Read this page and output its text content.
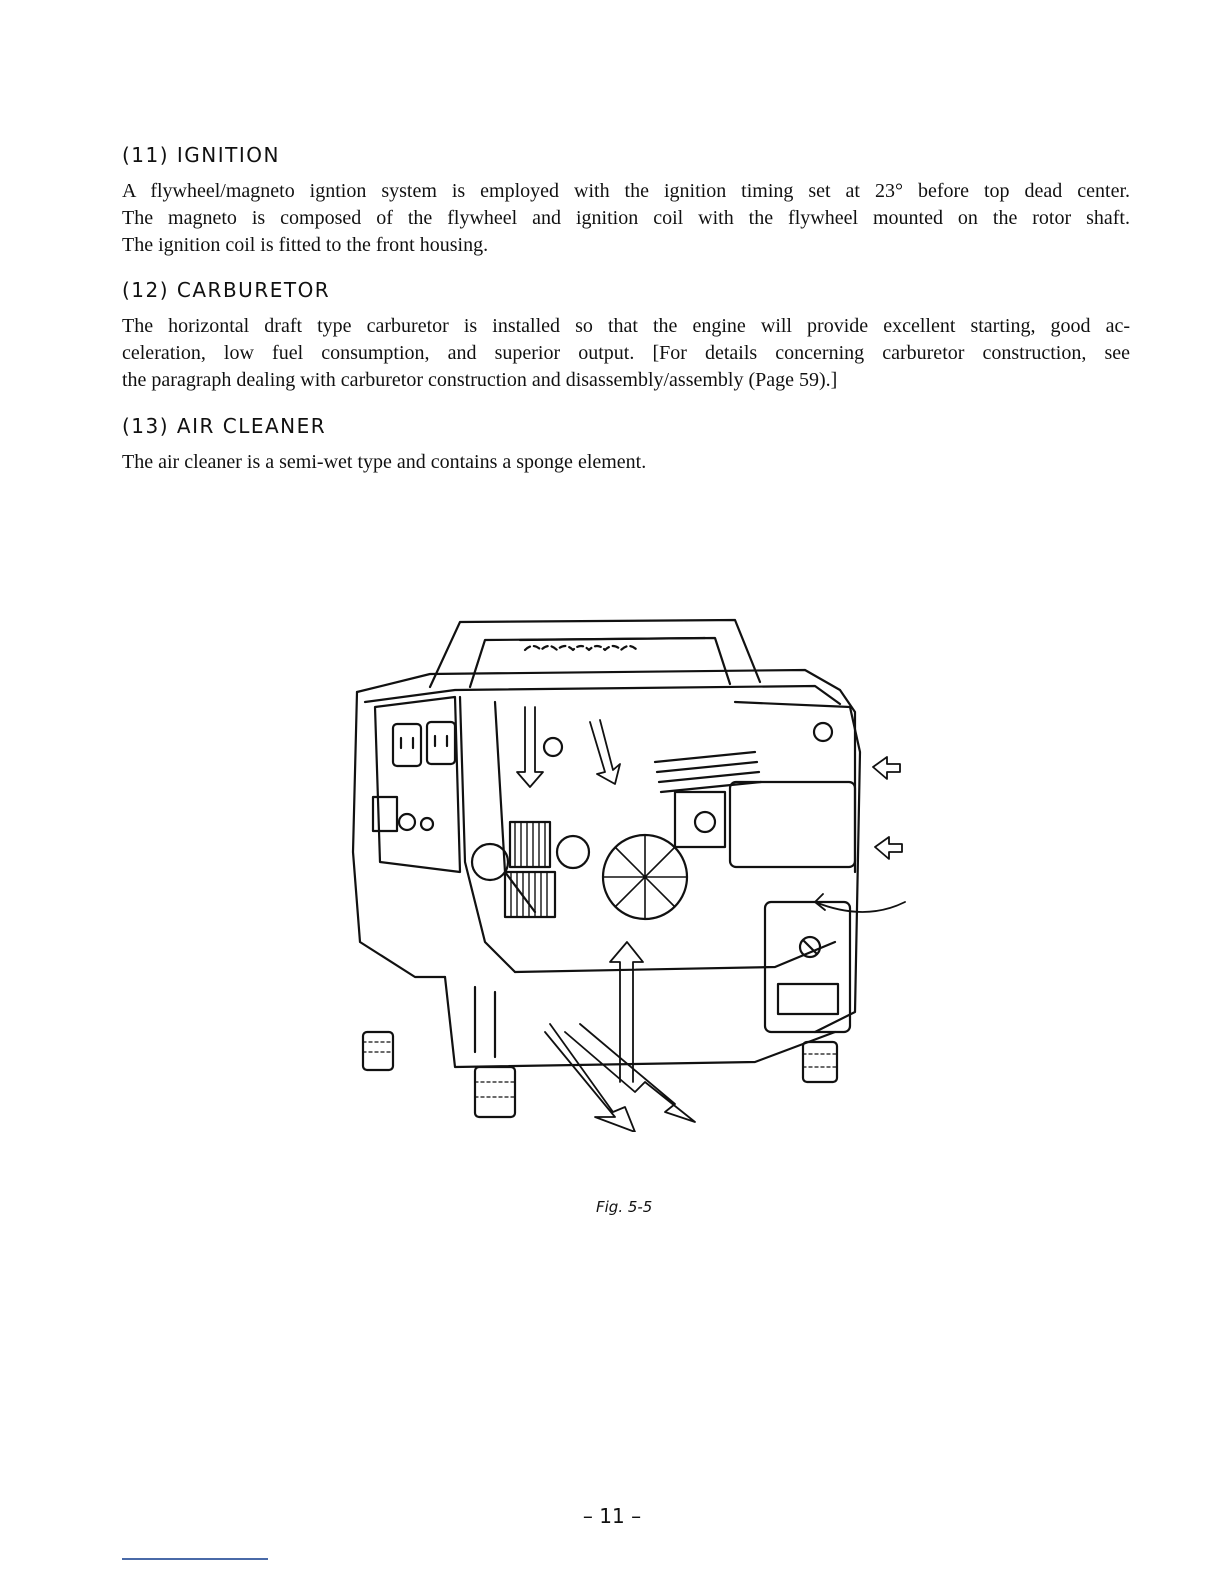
(11) IGNITION
A flywheel/magneto igntion system is employed with the ignition timing set at 23° before top dead center.
The magneto is composed of the flywheel and ignition coil with the flywheel mounted on the rotor shaft.
The ignition coil is fitted to the front housing.
(12) CARBURETOR
The horizontal draft type carburetor is installed so that the engine will provide excellent starting, good ac-
celeration, low fuel consumption, and superior output. [For details concerning carburetor construction, see
the paragraph dealing with carburetor construction and disassembly/assembly (Page 59).]
(13) AIR CLEANER
The air cleaner is a semi-wet type and contains a sponge element.
Fig. 5-5
– 11 –
